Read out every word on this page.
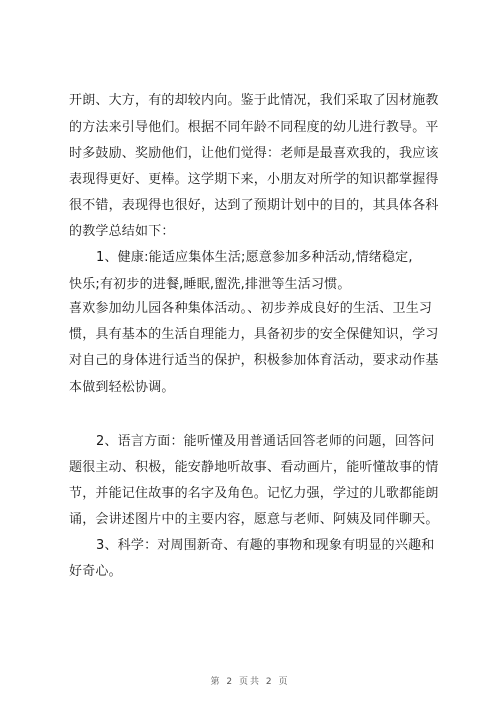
开朗、大方，有的却较内向。鉴于此情况，我们采取了因材施教
的方法来引导他们。根据不同年龄不同程度的幼儿进行教导。平
时多鼓励、奖励他们，让他们觉得：老师是最喜欢我的，我应该
表现得更好、更棒。这学期下来，小朋友对所学的知识都掌握得
很不错，表现得也很好，达到了预期计划中的目的，其具体各科
的教学总结如下：
1、健康:能适应集体生活;愿意参加多种活动,情绪稳定,
快乐;有初步的进餐,睡眠,盥洗,排泄等生活习惯。
喜欢参加幼儿园各种集体活动。、初步养成良好的生活、卫生习
惯，具有基本的生活自理能力，具备初步的安全保健知识，学习
对自己的身体进行适当的保护，积极参加体育活动，要求动作基
本做到轻松协调。
2、语言方面：能听懂及用普通话回答老师的问题，回答问
题很主动、积极，能安静地听故事、看动画片，能听懂故事的情
节，并能记住故事的名字及角色。记忆力强，学过的儿歌都能朗
诵，会讲述图片中的主要内容，愿意与老师、阿姨及同伴聊天。
3、科学：对周围新奇、有趣的事物和现象有明显的兴趣和
好奇心。
第 2 页共 2 页
